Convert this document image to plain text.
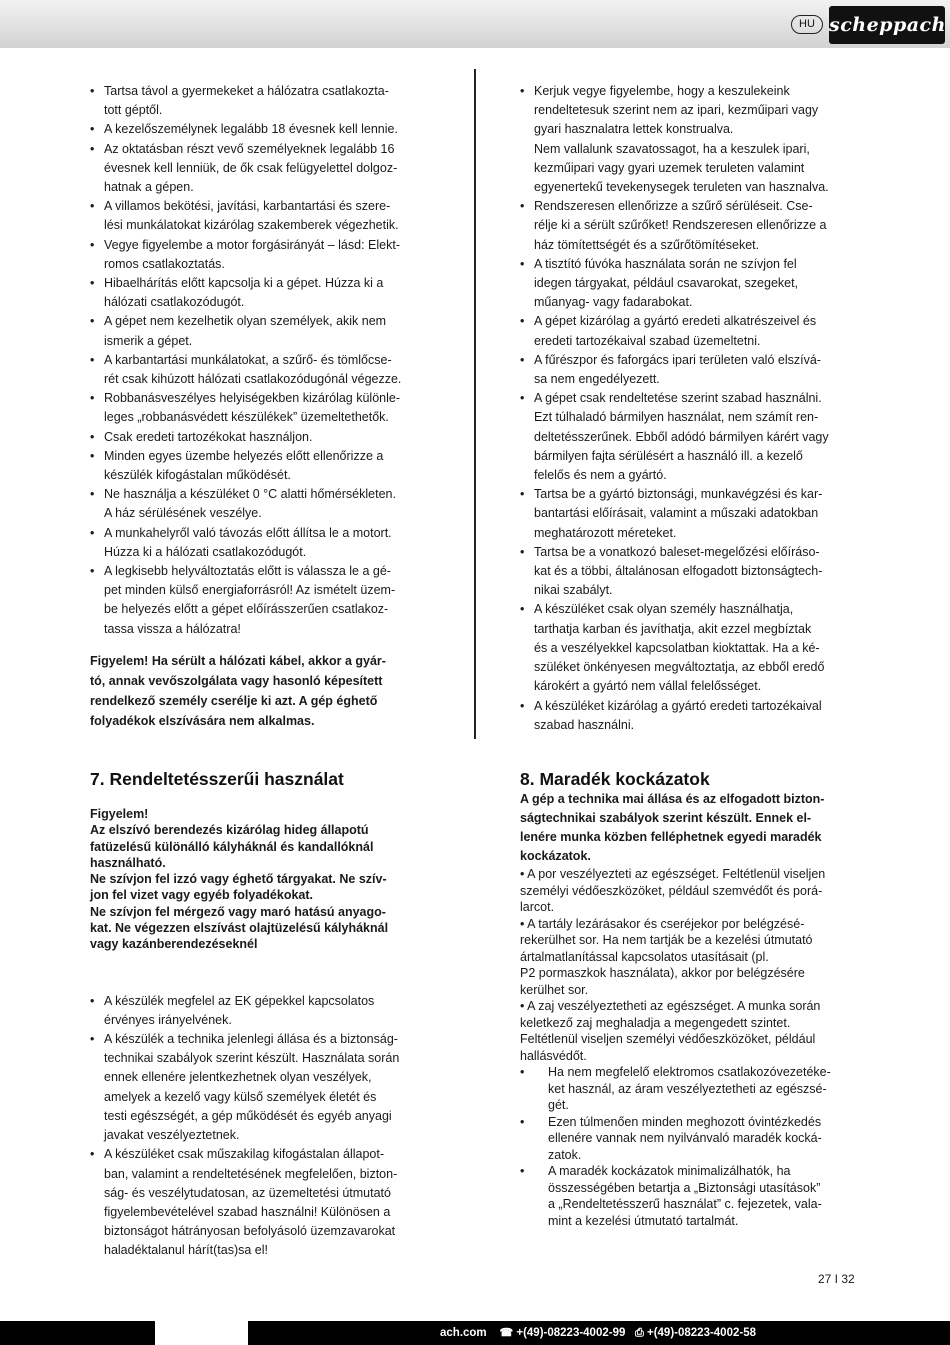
HU scheppach
• Tartsa távol a gyermekeket a hálózatra csatlakozta-
tott géptől.
• A kezelőszemélynek legalább 18 évesnek kell lennie.
• Az oktatásban részt vevő személyeknek legalább 16
évesnek kell lenniük, de ők csak felügyelettel dolgoz-
hatnak a gépen.
• A villamos bekötési, javítási, karbantartási és szere-
lési munkálatokat kizárólag szakemberek végezhetik.
• Vegye figyelembe a motor forgásirányát – lásd: Elekt-
romos csatlakoztatás.
• Hibaelhárítás előtt kapcsolja ki a gépet. Húzza ki a
hálózati csatlakozódugót.
• A gépet nem kezelhetik olyan személyek, akik nem
ismerik a gépet.
• A karbantartási munkálatokat, a szűrő- és tömlőcse-
rét csak kihúzott hálózati csatlakozódugónál végezze.
• Robbanásveszélyes helyiségekben kizárólag különle-
leges „robbanásvédett készülékek” üzemeltethetők.
• Csak eredeti tartozékokat használjon.
• Minden egyes üzembe helyezés előtt ellenőrizze a
készülék kifogástalan működését.
• Ne használja a készüléket 0 °C alatti hőmérsékleten.
A ház sérülésének veszélye.
• A munkahelyről való távozás előtt állítsa le a motort.
Húzza ki a hálózati csatlakozódugót.
• A legkisebb helyváltoztatás előtt is válassza le a gé-
pet minden külső energiaforrásról! Az ismételt üzem-
be helyezés előtt a gépet előírásszerűen csatlakoz-
tassa vissza a hálózatra!
Figyelem! Ha sérült a hálózati kábel, akkor a gyár-
tó, annak vevőszolgálata vagy hasonló képesített
rendelkező személy cserélje ki azt. A gép éghető
folyadékok elszívására nem alkalmas.
• Kerjuk vegye figyelembe, hogy a keszulekeink
rendeltetesuk szerint nem az ipari, kezműipari vagy
gyari hasznalatra lettek konstrualva.
Nem vallalunk szavatossagot, ha a keszulek ipari,
kezműipari vagy gyari uzemek teruleten valamint
egyenertekű tevekenysegek teruleten van hasznalva.
• Rendszeresen ellenőrizze a szűrő sérüléseit. Cse-
rélje ki a sérült szűrőket! Rendszeresen ellenőrizze a
ház tömítettségét és a szűrőtömítéseket.
• A tisztító fúvóka használata során ne szívjon fel
idegen tárgyakat, például csavarokat, szegeket,
műanyag- vagy fadarabokat.
• A gépet kizárólag a gyártó eredeti alkatrészeivel és
eredeti tartozékaival szabad üzemeltetni.
• A fűrészpor és faforgács ipari területen való elszívá-
sa nem engedélyezett.
• A gépet csak rendeltetése szerint szabad használni.
Ezt túlhaladó bármilyen használat, nem számít ren-
deltetésszerűnek. Ebből adódó bármilyen kárért vagy
bármilyen fajta sérülésért a használó ill. a kezelő
felelős és nem a gyártó.
• Tartsa be a gyártó biztonsági, munkavégzési és kar-
bantartási előírásait, valamint a műszaki adatokban
meghatározott méreteket.
• Tartsa be a vonatkozó baleset-megelőzési előíráso-
kat és a többi, általánosan elfogadott biztonságtech-
nikai szabályt.
• A készüléket csak olyan személy használhatja,
tarthatja karban és javíthatja, akit ezzel megbíztak
és a veszélyekkel kapcsolatban kioktattak. Ha a ké-
szüléket önkényesen megváltoztatja, az ebből eredő
károkért a gyártó nem vállal felelősséget.
• A készüléket kizárólag a gyártó eredeti tartozékaival
szabad használni.
7. Rendeltetésszerűi használat
Figyelem!
Az elszívó berendezés kizárólag hideg állapotú
fatüzelésű különálló kályháknál és kandallóknál
használható.
Ne szívjon fel izzó vagy éghető tárgyakat. Ne szív-
jon fel vizet vagy egyéb folyadékokat.
Ne szívjon fel mérgező vagy maró hatású anyago-
kat. Ne végezzen elszívást olajtüzelésű kályháknál
vagy kazánberendezéseknél
• A készülék megfelel az EK gépekkel kapcsolatos
érvényes irányelvének.
• A készülék a technika jelenlegi állása és a biztonság-
technikai szabályok szerint készült. Használata során
ennek ellenére jelentkezhetnek olyan veszélyek,
amelyek a kezelő vagy külső személyek életét és
testi egészségét, a gép működését és egyéb anyagi
javakat veszélyeztetnek.
• A készüléket csak műszakilag kifogástalan állapot-
ban, valamint a rendeltetésének megfelelően, bizton-
ság- és veszélytudatosan, az üzemeltetési útmutató
figyelembevételével szabad használni! Különösen a
biztonságot hátrányosan befolyásoló üzemzavarokat
haladéktalanul hárít(tas)sa el!
8. Maradék kockázatok
A gép a technika mai állása és az elfogadott bizton-
ságtechnikai szabályok szerint készült. Ennek el-
lenére munka közben felléphetnek egyedi maradék
kockázatok.
• A por veszélyezteti az egészséget. Feltétlenül viseljen
személyi védőeszközöket, például szemvédőt és porá-
larcot.
• A tartály lezárásakor és cseréjekor por belégzésé-
rekerülhet sor. Ha nem tartják be a kezelési útmutató
ártalmatlanítással kapcsolatos utasításait (pl.
P2 pormaszkok használata), akkor por belégzésére
kerülhet sor.
• A zaj veszélyeztetheti az egészséget. A munka során
keletkező zaj meghaladja a megengedett szintet.
Feltétlenül viseljen személyi védőeszközöket, például
hallásvédőt.
• Ha nem megfelelő elektromos csatlakozóvezetéke-
ket használ, az áram veszélyeztetheti az egészsé-
gét.
• Ezen túlmenően minden meghozott óvintézkedés
ellenére vannak nem nyilvánvaló maradék kocká-
zatok.
• A maradék kockázatok minimalizálhatók, ha
összességében betartja a „Biztonsági utasítások”
a „Rendeltetésszerű használat” c. fejezetek, vala-
mint a kezelési útmutató tartalmát.
27 I 32
ach.com ☎ +(49)-08223-4002-99 ⎙ +(49)-08223-4002-58
